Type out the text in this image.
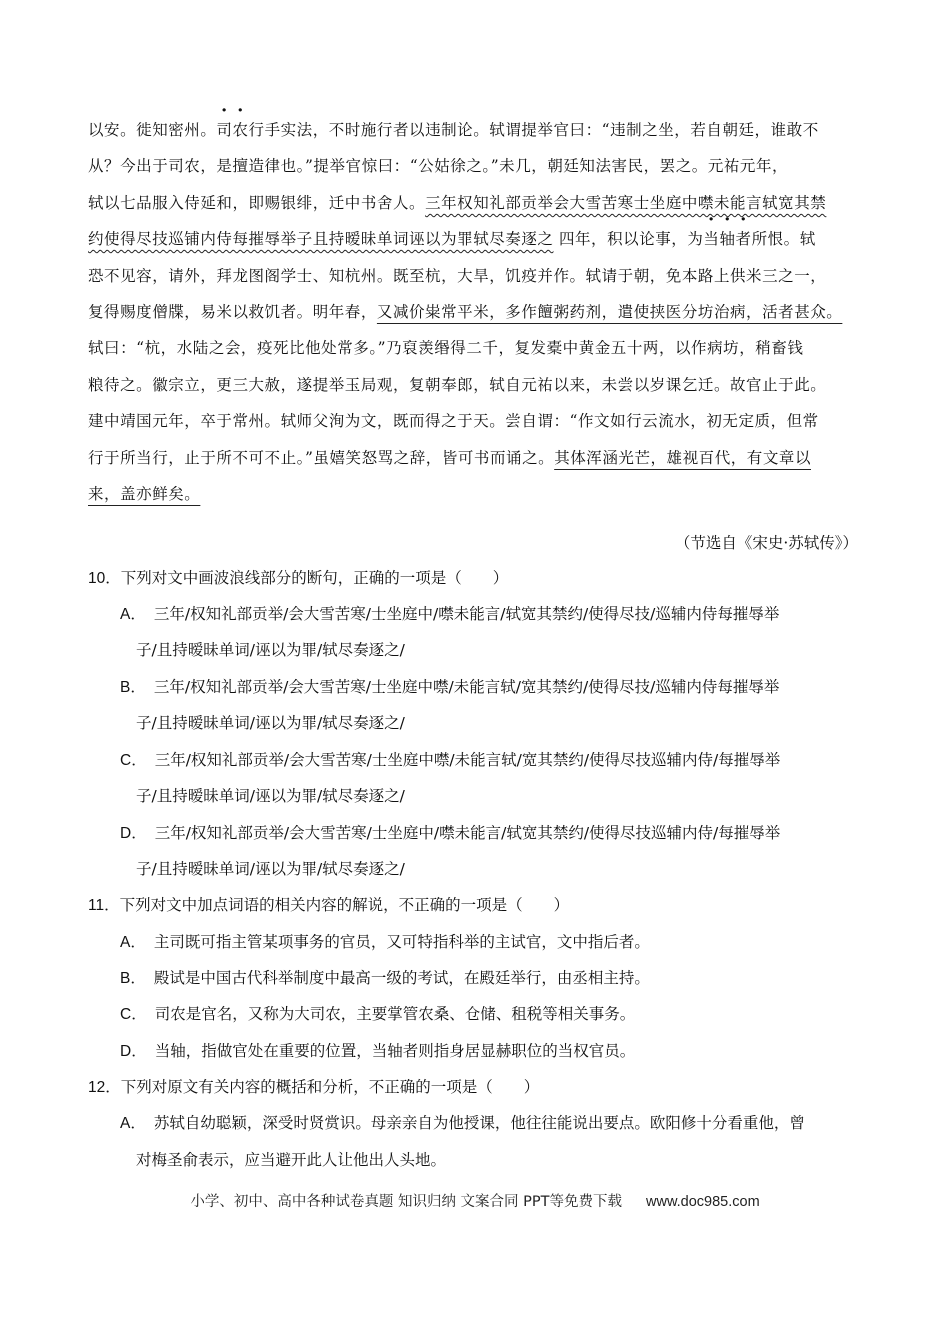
以安。徙知密州。司农行手实法，不时施行者以违制论。轼谓提举官曰：“违制之坐，若自朝廷，谁敢不
从？今出于司农，是擅造律也。”提举官惊曰：“公姑徐之。”未几，朝廷知法害民，罢之。元祐元年，
轼以七品服入侍延和，即赐银绯，迁中书舍人。三年权知礼部贡举会大雪苦寒士坐庭中噤未能言轼宽其禁
约使得尽技巡铺内侍每摧辱举子且持暧昧单词诬以为罪轼尽奏逐之 四年，积以论事，为当轴者所恨。轼
恐不见容，请外，拜龙图阁学士、知杭州。既至杭，大旱，饥疫并作。轼请于朝，免本路上供米三之一，
复得赐度僧牒，易米以救饥者。明年春，又减价粜常平米，多作饘粥药剂，遣使挟医分坊治病，活者甚众。
轼曰：“杭，水陆之会，疫死比他处常多。”乃裒羡缗得二千，复发橐中黄金五十两，以作病坊，稍畜钱
粮待之。徽宗立，更三大赦，遂提举玉局观，复朝奉郎，轼自元祐以来，未尝以岁课乞迁。故官止于此。
建中靖国元年，卒于常州。轼师父洵为文，既而得之于天。尝自谓：“作文如行云流水，初无定质，但常
行于所当行，止于所不可不止。”虽嬉笑怒骂之辞，皆可书而诵之。其体浑涵光芒，雄视百代，有文章以
来，盖亦鲜矣。
（节选自《宋史·苏轼传》）
10．下列对文中画波浪线部分的断句，正确的一项是（　　）
A． 三年/权知礼部贡举/会大雪苦寒/士坐庭中/噤未能言/轼宽其禁约/使得尽技/巡辅内侍每摧辱举
子/且持暧昧单词/诬以为罪/轼尽奏逐之/
B． 三年/权知礼部贡举/会大雪苦寒/士坐庭中噤/未能言轼/宽其禁约/使得尽技/巡辅内侍每摧辱举
子/且持暧昧单词/诬以为罪/轼尽奏逐之/
C． 三年/权知礼部贡举/会大雪苦寒/士坐庭中噤/未能言轼/宽其禁约/使得尽技巡辅内侍/每摧辱举
子/且持暧昧单词/诬以为罪/轼尽奏逐之/
D． 三年/权知礼部贡举/会大雪苦寒/士坐庭中/噤未能言/轼宽其禁约/使得尽技巡辅内侍/每摧辱举
子/且持暧昧单词/诬以为罪/轼尽奏逐之/
11．下列对文中加点词语的相关内容的解说，不正确的一项是（　　）
A． 主司既可指主管某项事务的官员，又可特指科举的主试官，文中指后者。
B． 殿试是中国古代科举制度中最高一级的考试，在殿廷举行，由丞相主持。
C． 司农是官名，又称为大司农，主要掌管农桑、仓储、租税等相关事务。
D． 当轴，指做官处在重要的位置，当轴者则指身居显赫职位的当权官员。
12．下列对原文有关内容的概括和分析，不正确的一项是（　　）
A． 苏轼自幼聪颖，深受时贤赏识。母亲亲自为他授课，他往往能说出要点。欧阳修十分看重他，曾
对梅圣俞表示，应当避开此人让他出人头地。
小学、初中、高中各种试卷真题 知识归纳 文案合同 PPT等免费下载 www.doc985.com
